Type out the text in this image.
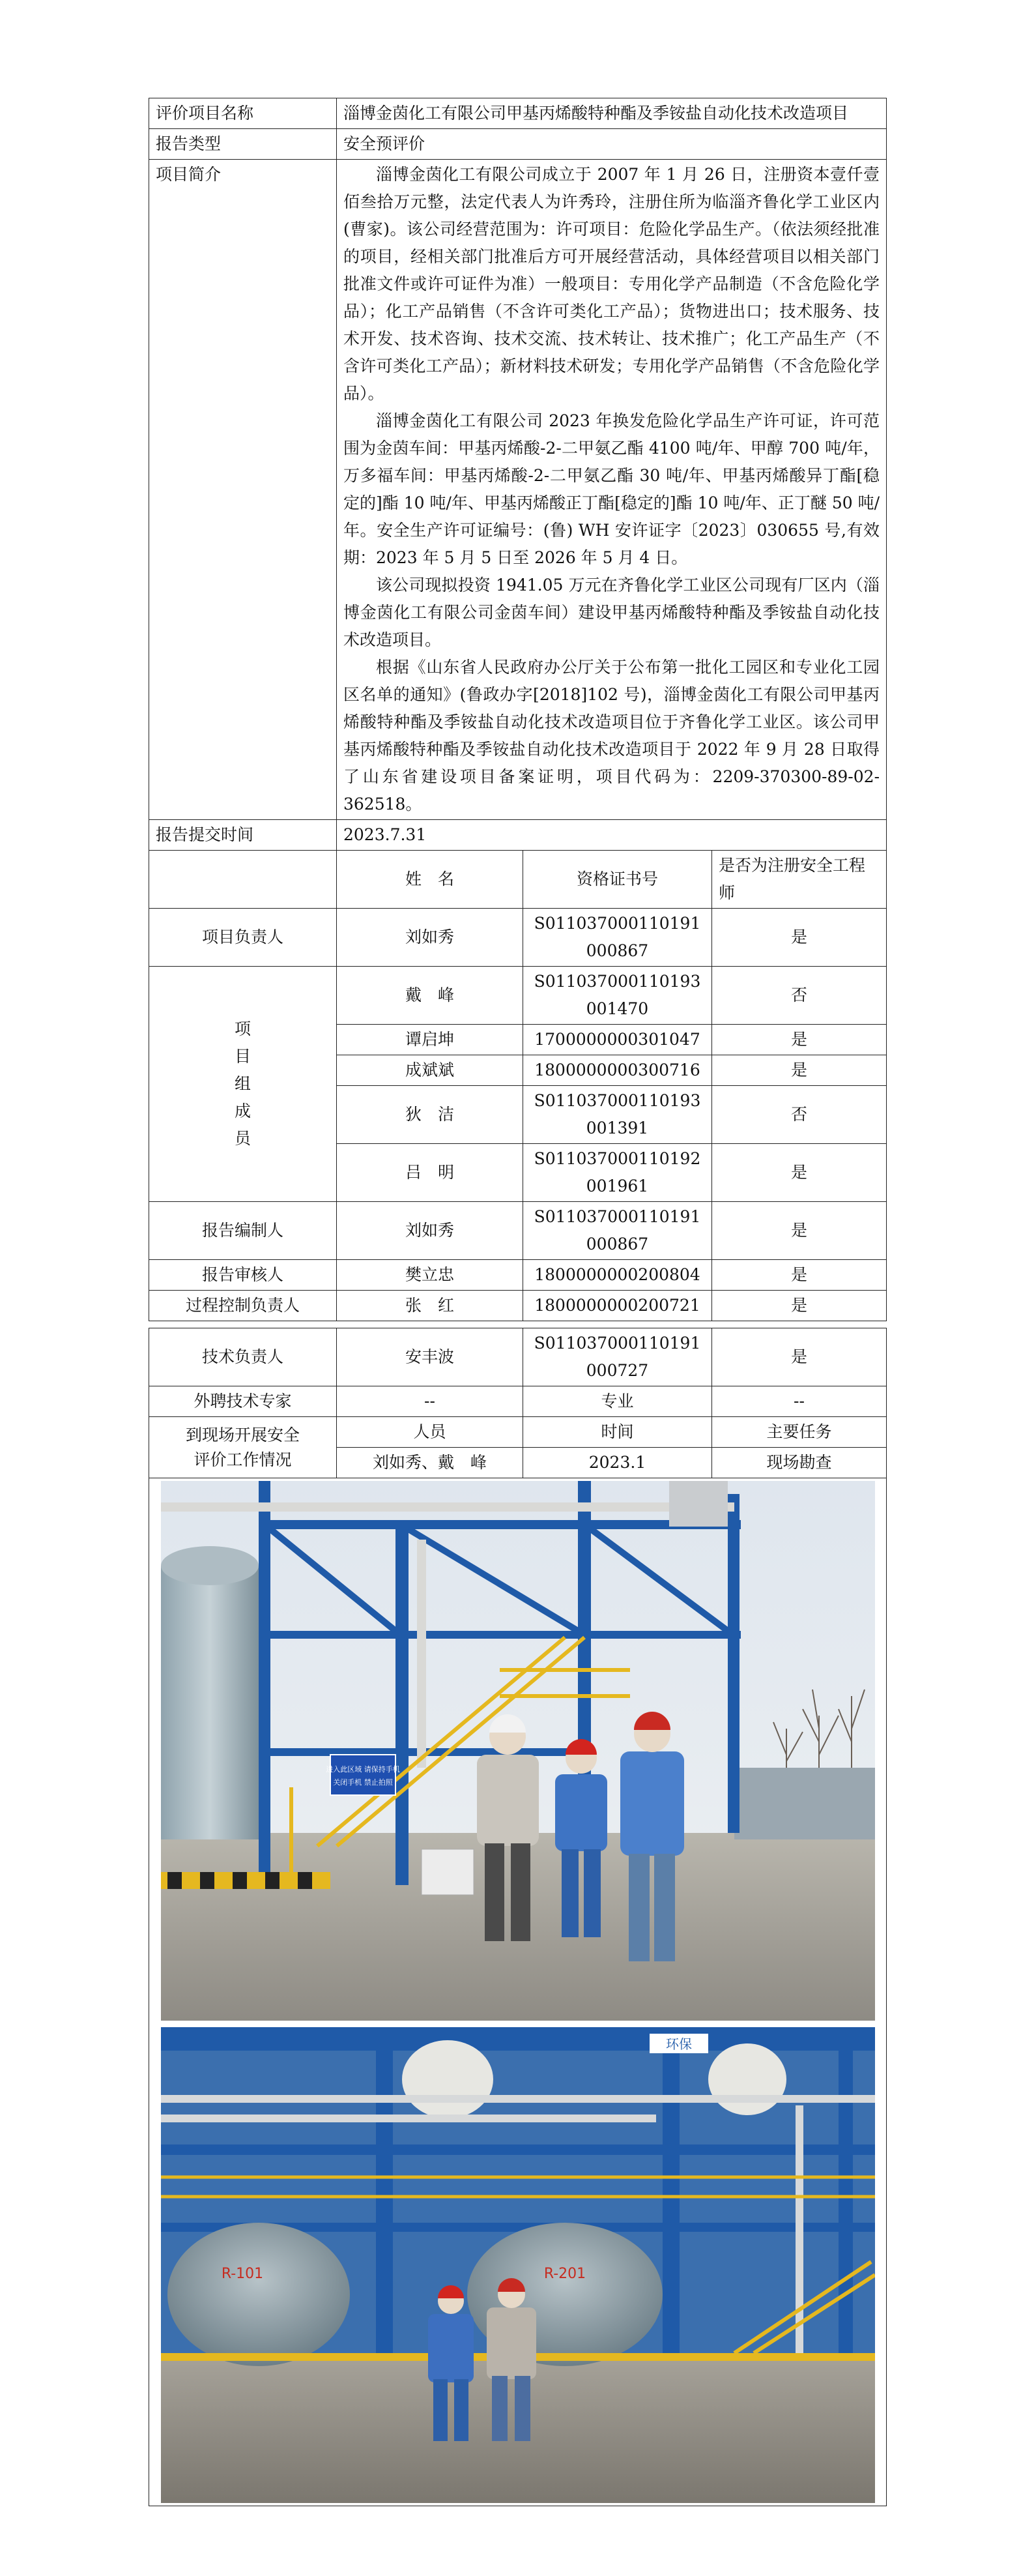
评价项目名称	淄博金茵化工有限公司甲基丙烯酸特种酯及季铵盐自动化技术改造项目		
报告类型	安全预评价		
项目简介	淄博金茵化工有限公司成立于 2007 年 1 月 26 日，注册资本壹仟壹佰叁拾万元整，法定代表人为许秀玲，注册住所为临淄齐鲁化学工业区内(曹家)。该公司经营范围为：许可项目：危险化学品生产。（依法须经批准的项目，经相关部门批准后方可开展经营活动，具体经营项目以相关部门批准文件或许可证件为准）一般项目：专用化学产品制造（不含危险化学品）；化工产品销售（不含许可类化工产品）；货物进出口；技术服务、技术开发、技术咨询、技术交流、技术转让、技术推广；化工产品生产（不含许可类化工产品）；新材料技术研发；专用化学产品销售（不含危险化学品）。

淄博金茵化工有限公司 2023 年换发危险化学品生产许可证，许可范围为金茵车间：甲基丙烯酸-2-二甲氨乙酯 4100 吨/年、甲醇 700 吨/年，万多福车间：甲基丙烯酸-2-二甲氨乙酯 30 吨/年、甲基丙烯酸异丁酯[稳定的]酯 10 吨/年、甲基丙烯酸正丁酯[稳定的]酯 10 吨/年、正丁醚 50 吨/年。安全生产许可证编号：(鲁) WH 安许证字〔2023〕030655 号,有效期：2023 年 5 月 5 日至 2026 年 5 月 4 日。

该公司现拟投资 1941.05 万元在齐鲁化学工业区公司现有厂区内（淄博金茵化工有限公司金茵车间）建设甲基丙烯酸特种酯及季铵盐自动化技术改造项目。

根据《山东省人民政府办公厅关于公布第一批化工园区和专业化工园区名单的通知》(鲁政办字[2018]102 号)，淄博金茵化工有限公司甲基丙烯酸特种酯及季铵盐自动化技术改造项目位于齐鲁化学工业区。该公司甲基丙烯酸特种酯及季铵盐自动化技术改造项目于 2022 年 9 月 28 日取得了山东省建设项目备案证明，项目代码为：2209-370300-89-02-362518。		

报告提交时间	2023.7.31		
	姓　名	资格证书号	是否为注册安全工程师
项目负责人	刘如秀	S011037000110191000867	是

项
目
组
成
员	戴　峰	S011037000110193001470	否
	谭启坤	1700000000301047	是
	成斌斌	1800000000300716	是
	狄　洁	S011037000110193001391	否
	吕　明	S011037000110192001961	是
报告编制人	刘如秀	S011037000110191000867	是
报告审核人	樊立忠	1800000000200804	是
过程控制负责人	张　红	1800000000200721	是
技术负责人	安丰波	S011037000110191000727	是
外聘技术专家	--	专业	--

到现场开展安全
评价工作情况	人员	时间	主要任务
	刘如秀、戴　峰	2023.1	现场勘查

进入此区域 请保持手机
关闭手机 禁止拍照
环保
R-101 R-201			
